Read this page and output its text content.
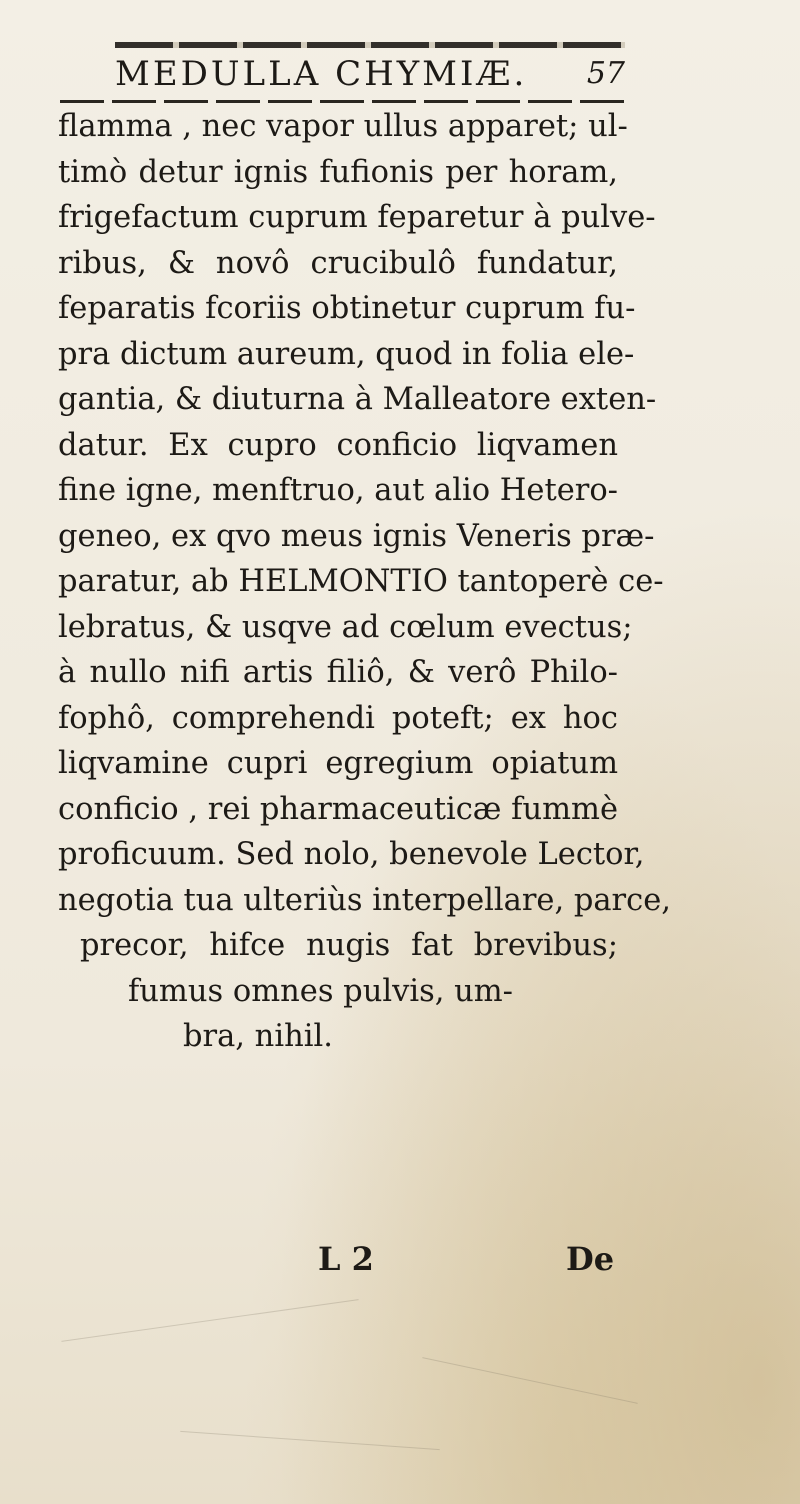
MEDULLA CHYMIÆ. 57
flamma , nec vapor ullus apparet; ul-
timò detur ignis fufionis per horam,
frigefactum cuprum feparetur à pulve-
ribus, & novô crucibulô fundatur,
feparatis fcoriis obtinetur cuprum fu-
pra dictum aureum, quod in folia ele-
gantia, & diuturna à Malleatore exten-
datur. Ex cupro conficio liqvamen
fine igne, menftruo, aut alio Hetero-
geneo, ex qvo meus ignis Veneris præ-
paratur, ab HELMONTIO tantoperè ce-
lebratus, & usqve ad cœlum evectus;
à nullo nifi artis filiô, & verô Philo-
fophô, comprehendi poteft; ex hoc
liqvamine cupri egregium opiatum
conficio , rei pharmaceuticæ fummè
proficuum. Sed nolo, benevole Lector,
negotia tua ulteriùs interpellare, parce,
precor, hifce nugis fat brevibus;
fumus omnes pulvis, um-
bra, nihil.
L 2	De
